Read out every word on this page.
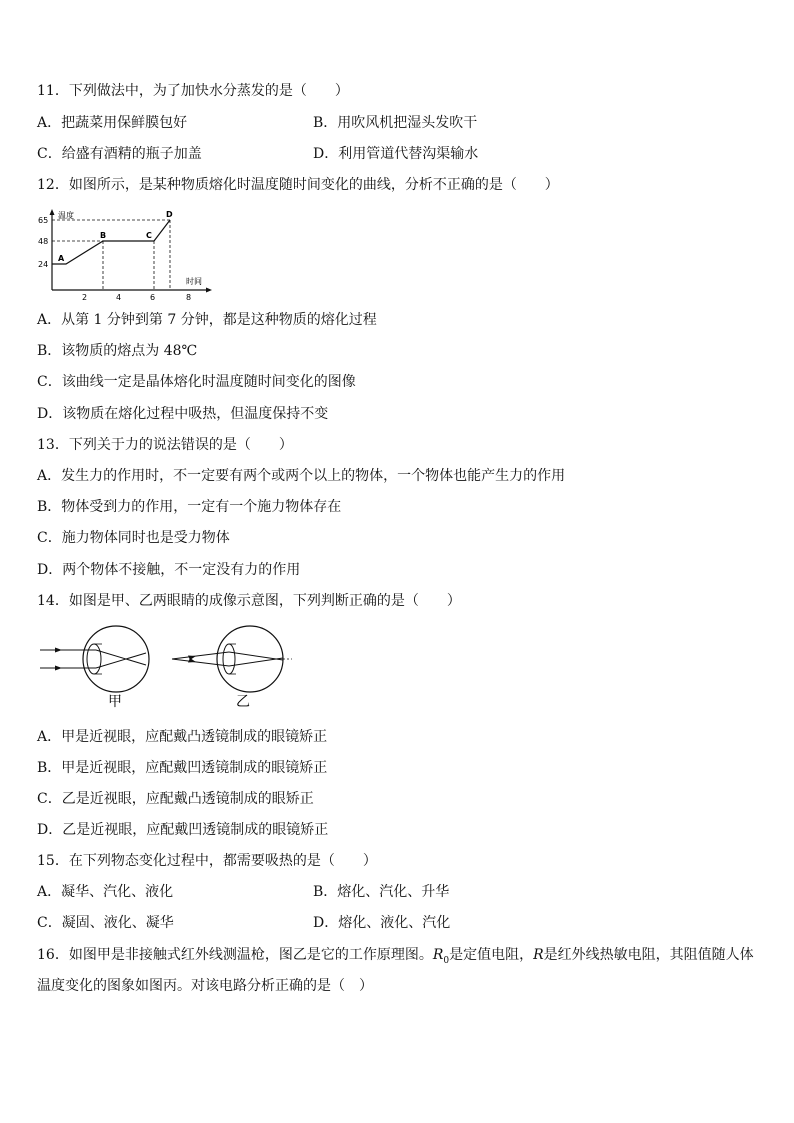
11．下列做法中，为了加快水分蒸发的是（　　）
A．把蔬菜用保鲜膜包好	B．用吹风机把湿头发吹干
C．给盛有酒精的瓶子加盖	D．利用管道代替沟渠输水
12．如图所示，是某种物质熔化时温度随时间变化的曲线，分析不正确的是（　　）
温度
时间
65
48
24
2	4	6	8
A
B	C
D
A．从第 1 分钟到第 7 分钟，都是这种物质的熔化过程
B．该物质的熔点为 48℃
C．该曲线一定是晶体熔化时温度随时间变化的图像
D．该物质在熔化过程中吸热，但温度保持不变
13．下列关于力的说法错误的是（　　）
A．发生力的作用时，不一定要有两个或两个以上的物体，一个物体也能产生力的作用
B．物体受到力的作用，一定有一个施力物体存在
C．施力物体同时也是受力物体
D．两个物体不接触，不一定没有力的作用
14．如图是甲、乙两眼睛的成像示意图，下列判断正确的是（　　）
甲	乙
A．甲是近视眼，应配戴凸透镜制成的眼镜矫正
B．甲是近视眼，应配戴凹透镜制成的眼镜矫正
C．乙是近视眼，应配戴凸透镜制成的眼矫正
D．乙是近视眼，应配戴凹透镜制成的眼镜矫正
15．在下列物态变化过程中，都需要吸热的是（　　）
A．凝华、汽化、液化	B．熔化、汽化、升华
C．凝固、液化、凝华	D．熔化、液化、汽化
16．如图甲是非接触式红外线测温枪，图乙是它的工作原理图。$R_0$是定值电阻，R是红外线热敏电阻，其阻值随人体
温度变化的图象如图丙。对该电路分析正确的是（　）
